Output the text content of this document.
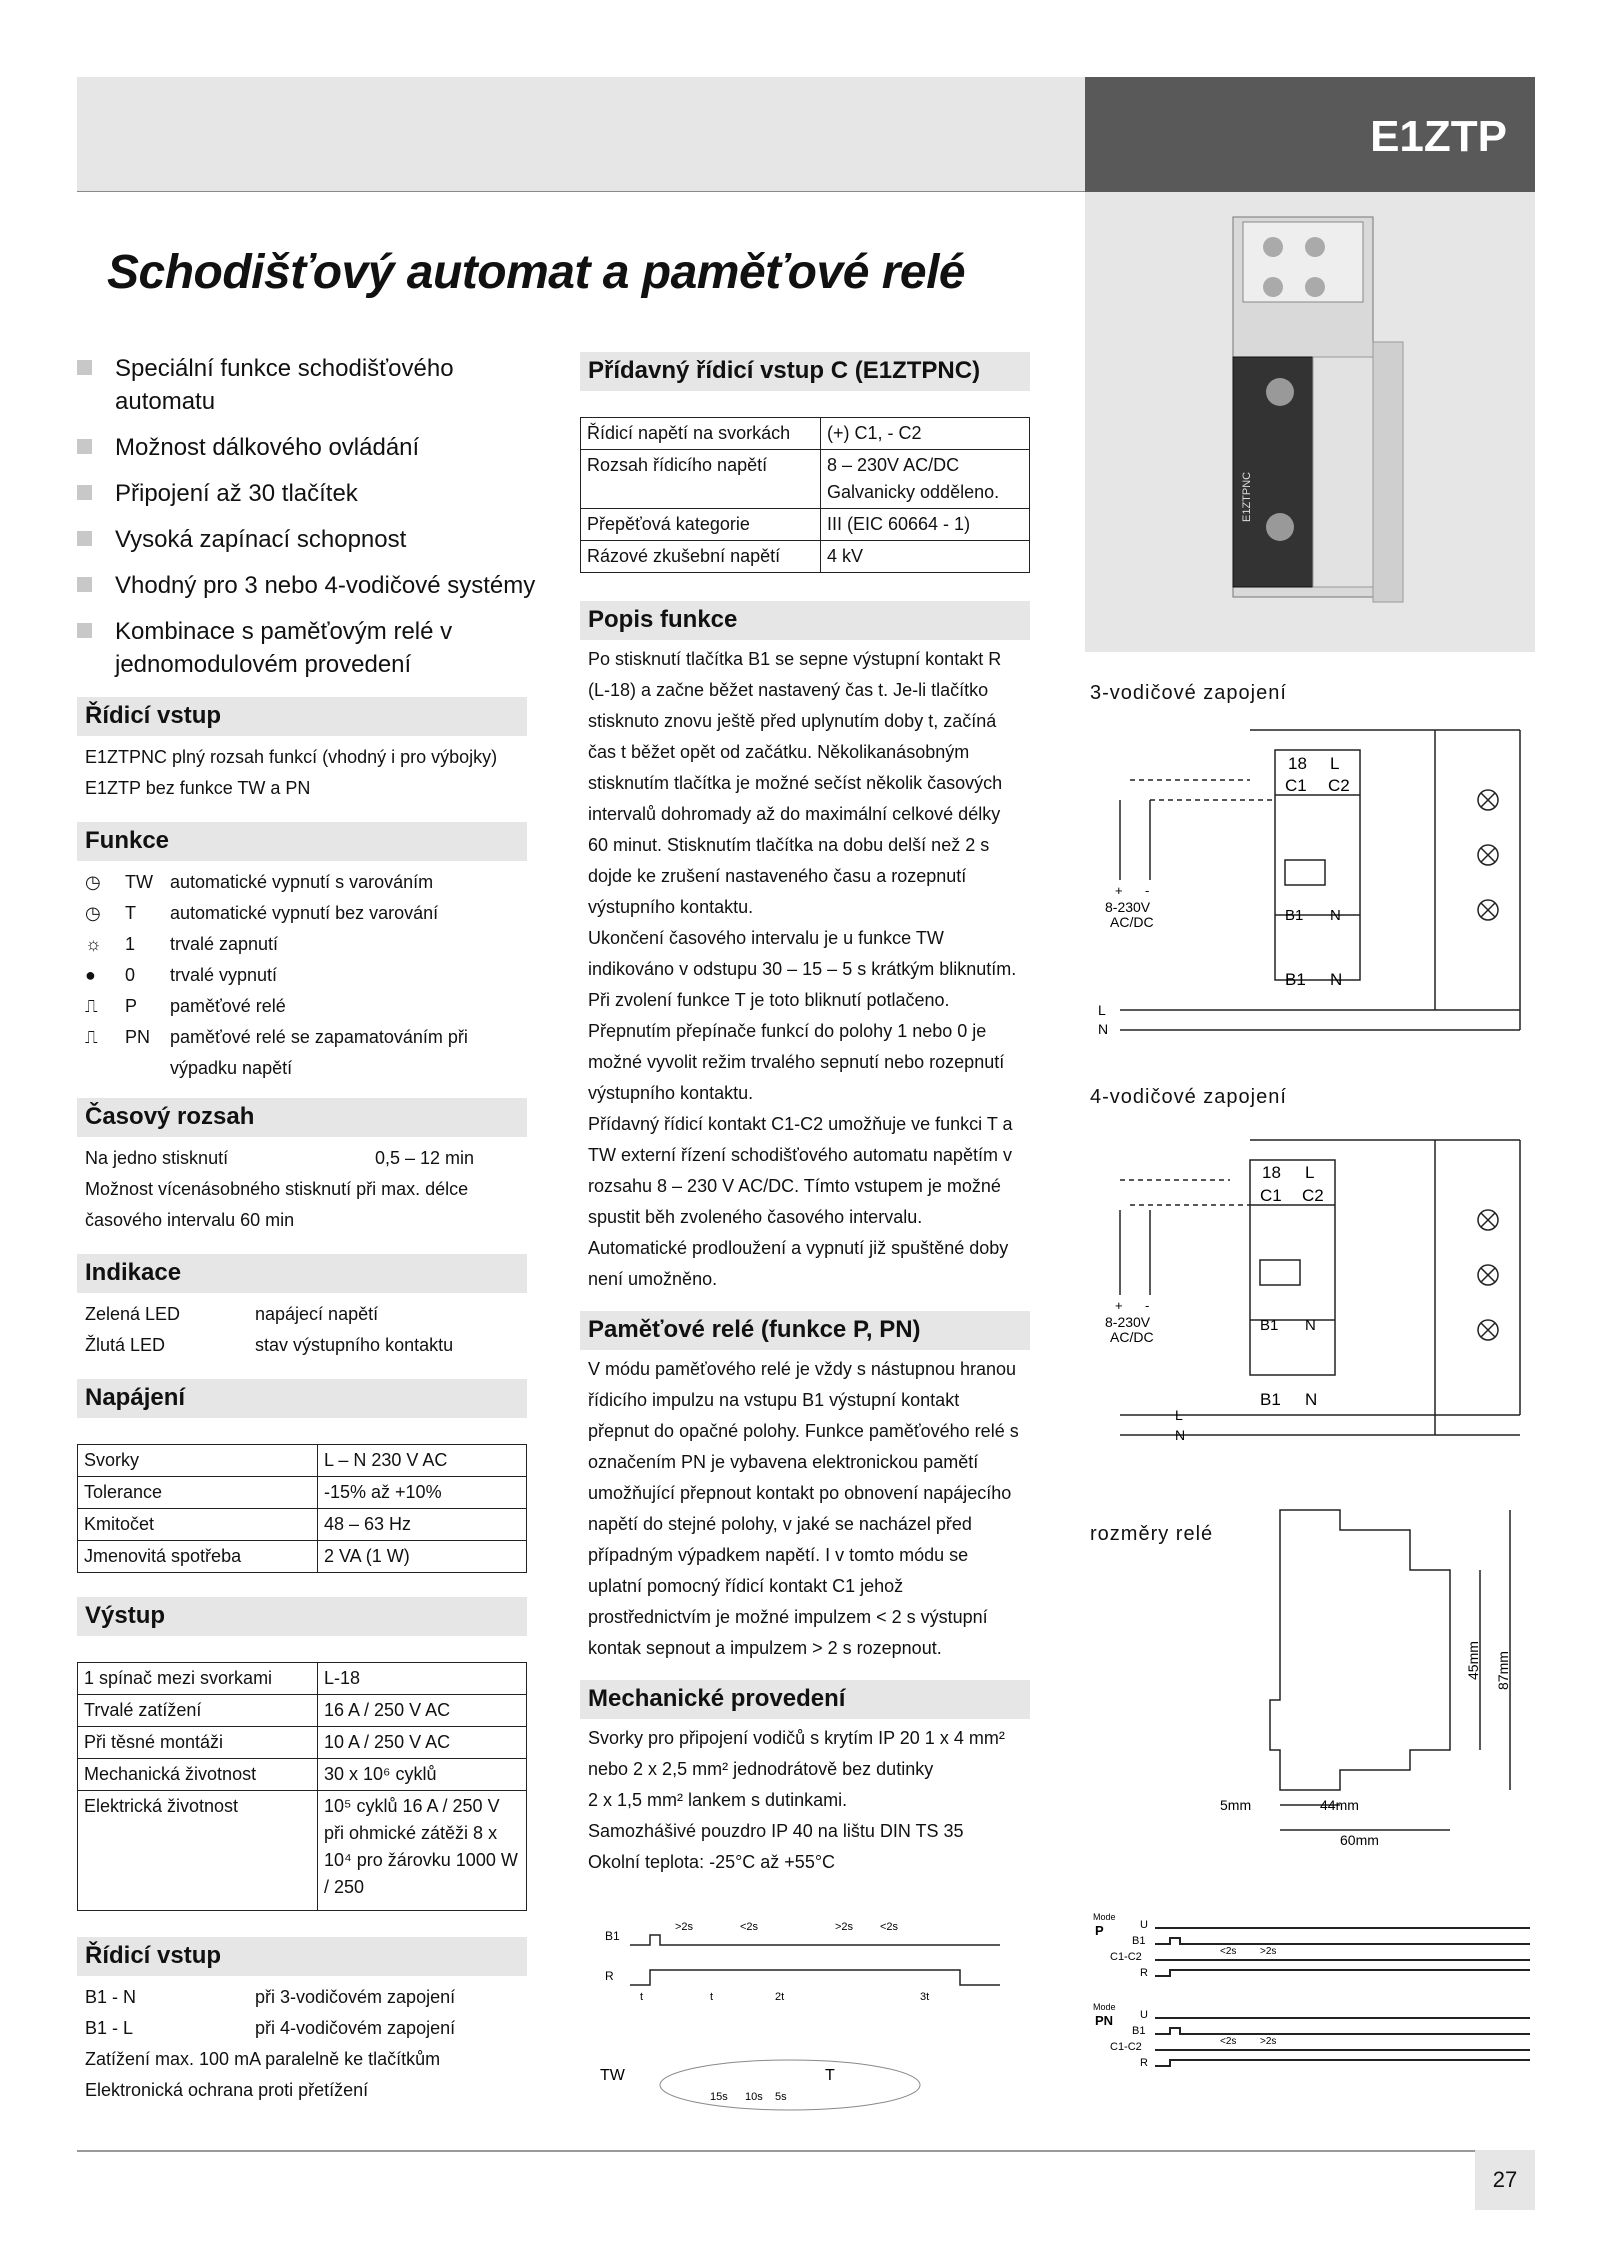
E1ZTP
E1ZTPNC
Schodišťový automat a paměťové relé
Speciální funkce schodišťového automatu
Možnost dálkového ovládání
Připojení až 30 tlačítek
Vysoká zapínací schopnost
Vhodný pro 3 nebo 4-vodičové systémy
Kombinace s paměťovým relé v jednomodulovém provedení
Řídicí vstup
E1ZTPNC plný rozsah funkcí (vhodný i pro výbojky)
E1ZTP bez funkce TW a PN
Funkce
◷	TW automatické vypnutí s varováním
◷	T	automatické vypnutí bez varování
☼	1	trvalé zapnutí
●	0	trvalé vypnutí
⎍	P	paměťové relé
⎍	PN	paměťové relé se zapamatováním při výpadku napětí
Časový rozsah
Na jedno stisknutí	0,5 – 12 min
Možnost vícenásobného stisknutí při max. délce časového intervalu 60 min
Indikace
Zelená LED	napájecí napětí
Žlutá LED	stav výstupního kontaktu
Napájení
Svorky	L – N 230 V AC
Tolerance	-15% až +10%
Kmitočet	48 – 63 Hz
Jmenovitá spotřeba	2 VA (1 W)
Výstup
1 spínač mezi svorkami	L-18
Trvalé zatížení	16 A / 250 V AC
Při těsné montáži	10 A / 250 V AC
Mechanická životnost	30 x 10⁶ cyklů
Elektrická životnost	10⁵ cyklů 16 A / 250 V při ohmické zátěži 8 x 10⁴ pro žárovku 1000 W / 250
Řídicí vstup
B1 - N	při 3-vodičovém zapojení
B1 - L	při 4-vodičovém zapojení
Zatížení max. 100 mA paralelně ke tlačítkům
Elektronická ochrana proti přetížení
Přídavný řídicí vstup C (E1ZTPNC)
Řídicí napětí na svorkách	(+) C1, - C2
Rozsah řídicího napětí	8 – 230V AC/DC Galvanicky odděleno.
Přepěťová kategorie	III (EIC 60664 - 1)
Rázové zkušební napětí	4 kV
Popis funkce
Po stisknutí tlačítka B1 se sepne výstupní kontakt R (L-18) a začne běžet nastavený čas t. Je-li tlačítko stisknuto znovu ještě před uplynutím doby t, začíná čas t běžet opět od začátku. Několikanásobným stisknutím tlačítka je možné sečíst několik časových intervalů dohromady až do maximální celkové délky 60 minut. Stisknutím tlačítka na dobu delší než 2 s dojde ke zrušení nastaveného času a rozepnutí výstupního kontaktu.
Ukončení časového intervalu je u funkce TW indikováno v odstupu 30 – 15 – 5 s krátkým bliknutím. Při zvolení funkce T je toto bliknutí potlačeno.
Přepnutím přepínače funkcí do polohy 1 nebo 0 je možné vyvolit režim trvalého sepnutí nebo rozepnutí výstupního kontaktu.
Přídavný řídicí kontakt C1-C2 umožňuje ve funkci T a TW externí řízení schodišťového automatu napětím v rozsahu 8 – 230 V AC/DC. Tímto vstupem je možné spustit běh zvoleného časového intervalu. Automatické prodloužení a vypnutí již spuštěné doby není umožněno.
Paměťové relé (funkce P, PN)
V módu paměťového relé je vždy s nástupnou hranou řídicího impulzu na vstupu B1 výstupní kontakt přepnut do opačné polohy. Funkce paměťového relé s označením PN je vybavena elektronickou pamětí umožňující přepnout kontakt po obnovení napájecího napětí do stejné polohy, v jaké se nacházel před případným výpadkem napětí. I v tomto módu se uplatní pomocný řídicí kontakt C1 jehož prostřednictvím je možné impulzem < 2 s výstupní kontak sepnout a impulzem > 2 s rozepnout.
Mechanické provedení
Svorky pro připojení vodičů s krytím IP 20 1 x 4 mm² nebo 2 x 2,5 mm² jednodrátově bez dutinky
2 x 1,5 mm² lankem s dutinkami.
Samozhášivé pouzdro IP 40 na lištu DIN TS 35
Okolní teplota: -25°C až +55°C
3-vodičové zapojení
18 L
C1 C2
B1 N
B1 N
+ -
8-230V
AC/DC
L
N
4-vodičové zapojení
18 L
C1 C2
B1 N
B1 N
+ -
8-230V
AC/DC
L
N
rozměry relé
5mm	44mm
60mm
45mm 87mm
B1
R
>2s	<2s	>2s <2s
t	t	2t	3t
TW	T
15s 10s 5s
Mode
P	U
B1
C1-C2
R
<2s >2s
Mode
PN U
B1
C1-C2
R
<2s >2s
27
